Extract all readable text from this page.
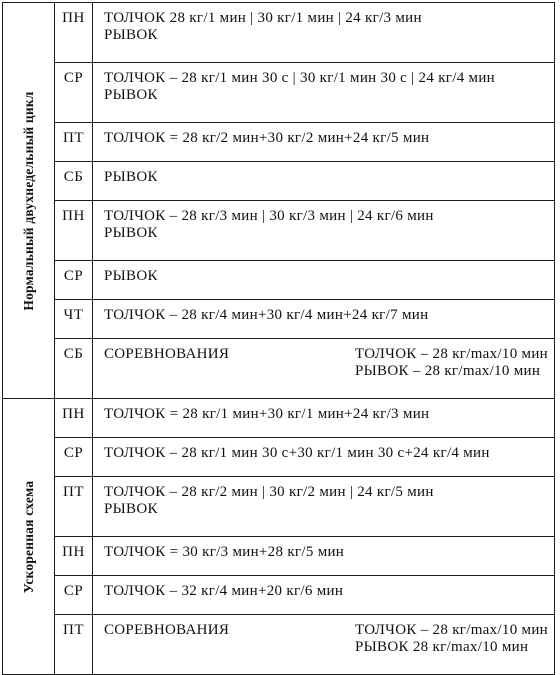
Нормальный двухнедельный цикл	ПН	ТОЛЧОК 28 кг/1 мин | 30 кг/1 мин | 24 кг/3 мин
РЫВОК

	СР	ТОЛЧОК – 28 кг/1 мин 30 с | 30 кг/1 мин 30 с | 24 кг/4 мин
РЫВОК

	ПТ	ТОЛЧОК = 28 кг/2 мин+30 кг/2 мин+24 кг/5 мин

	СБ	РЫВОК

	ПН	ТОЛЧОК – 28 кг/3 мин | 30 кг/3 мин | 24 кг/6 мин
РЫВОК

	СР	РЫВОК

	ЧТ	ТОЛЧОК – 28 кг/4 мин+30 кг/4 мин+24 кг/7 мин

	СБ	СОРЕВНОВАНИЯ ТОЛЧОК – 28 кг/max/10 мин
РЫВОК – 28 кг/max/10 мин

Ускоренная схема	ПН	ТОЛЧОК = 28 кг/1 мин+30 кг/1 мин+24 кг/3 мин

	СР	ТОЛЧОК – 28 кг/1 мин 30 с+30 кг/1 мин 30 с+24 кг/4 мин

	ПТ	ТОЛЧОК – 28 кг/2 мин | 30 кг/2 мин | 24 кг/5 мин
РЫВОК

	ПН	ТОЛЧОК = 30 кг/3 мин+28 кг/5 мин

	СР	ТОЛЧОК – 32 кг/4 мин+20 кг/6 мин

	ПТ	СОРЕВНОВАНИЯ ТОЛЧОК – 28 кг/max/10 мин
РЫВОК 28 кг/max/10 мин
